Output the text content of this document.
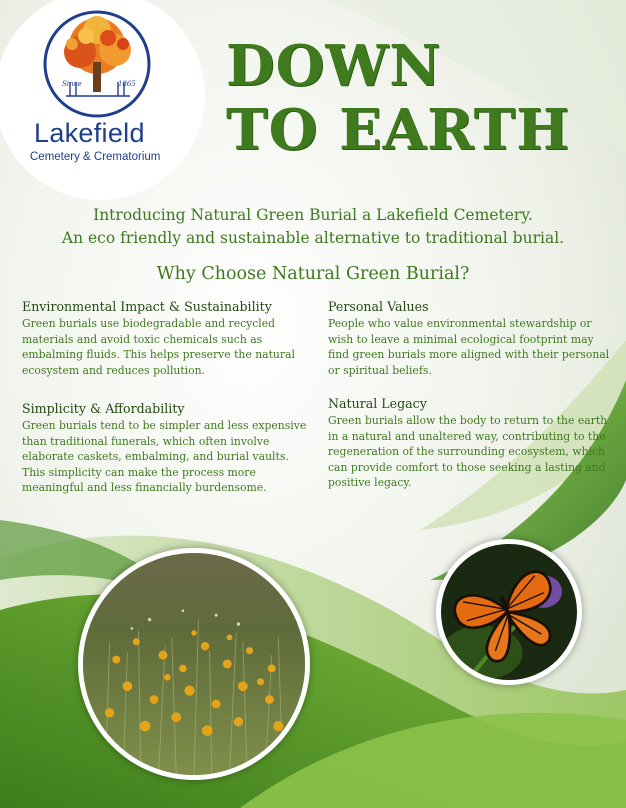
Since	1865
Lakefield
Cemetery & Crematorium
DOWN
TO EARTH
Introducing Natural Green Burial a Lakefield Cemetery.
An eco friendly and sustainable alternative to traditional burial.
Why Choose Natural Green Burial?
Environmental Impact & Sustainability

Green burials use biodegradable and recycled materials and avoid toxic chemicals such as embalming fluids. This helps preserve the natural ecosystem and reduces pollution.

Personal Values

People who value environmental stewardship or wish to leave a minimal ecological footprint may find green burials more aligned with their personal or spiritual beliefs.

Simplicity & Affordability

Green burials tend to be simpler and less expensive than traditional funerals, which often involve elaborate caskets, embalming, and burial vaults. This simplicity can make the process more meaningful and less financially burdensome.

Natural Legacy

Green burials allow the body to return to the earth in a natural and unaltered way, contributing to the regeneration of the surrounding ecosystem, which can provide comfort to those seeking a lasting and positive legacy.
